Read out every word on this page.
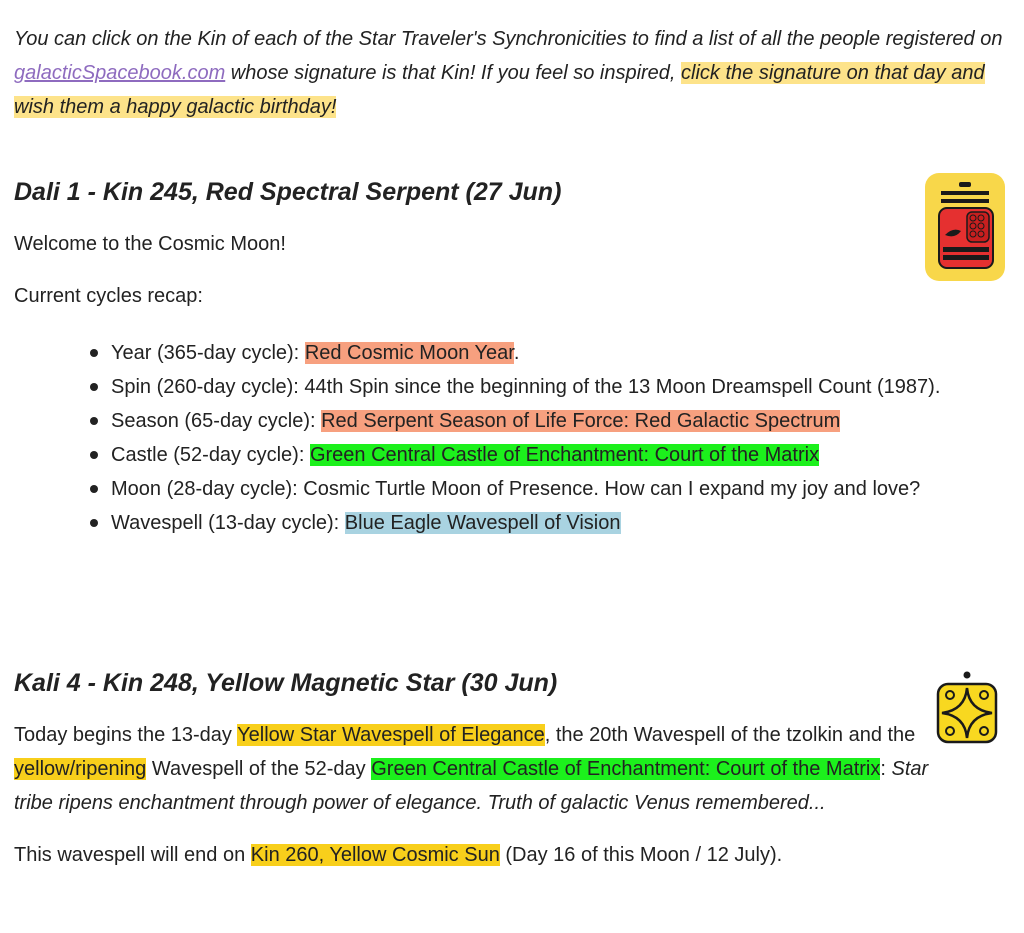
You can click on the Kin of each of the Star Traveler's Synchronicities to find a list of all the people registered on galacticSpacebook.com whose signature is that Kin! If you feel so inspired, click the signature on that day and wish them a happy galactic birthday!

Dali 1 - Kin 245, Red Spectral Serpent (27 Jun)

Welcome to the Cosmic Moon!

Current cycles recap:

Year (365-day cycle): Red Cosmic Moon Year.
Spin (260-day cycle): 44th Spin since the beginning of the 13 Moon Dreamspell Count (1987).
Season (65-day cycle): Red Serpent Season of Life Force: Red Galactic Spectrum
Castle (52-day cycle): Green Central Castle of Enchantment: Court of the Matrix
Moon (28-day cycle): Cosmic Turtle Moon of Presence. How can I expand my joy and love?
Wavespell (13-day cycle): Blue Eagle Wavespell of Vision
Kali 4 - Kin 248, Yellow Magnetic Star (30 Jun)

Today begins the 13-day Yellow Star Wavespell of Elegance, the 20th Wavespell of the tzolkin and the yellow/ripening Wavespell of the 52-day Green Central Castle of Enchantment: Court of the Matrix: Star tribe ripens enchantment through power of elegance. Truth of galactic Venus remembered...

This wavespell will end on Kin 260, Yellow Cosmic Sun (Day 16 of this Moon / 12 July).
